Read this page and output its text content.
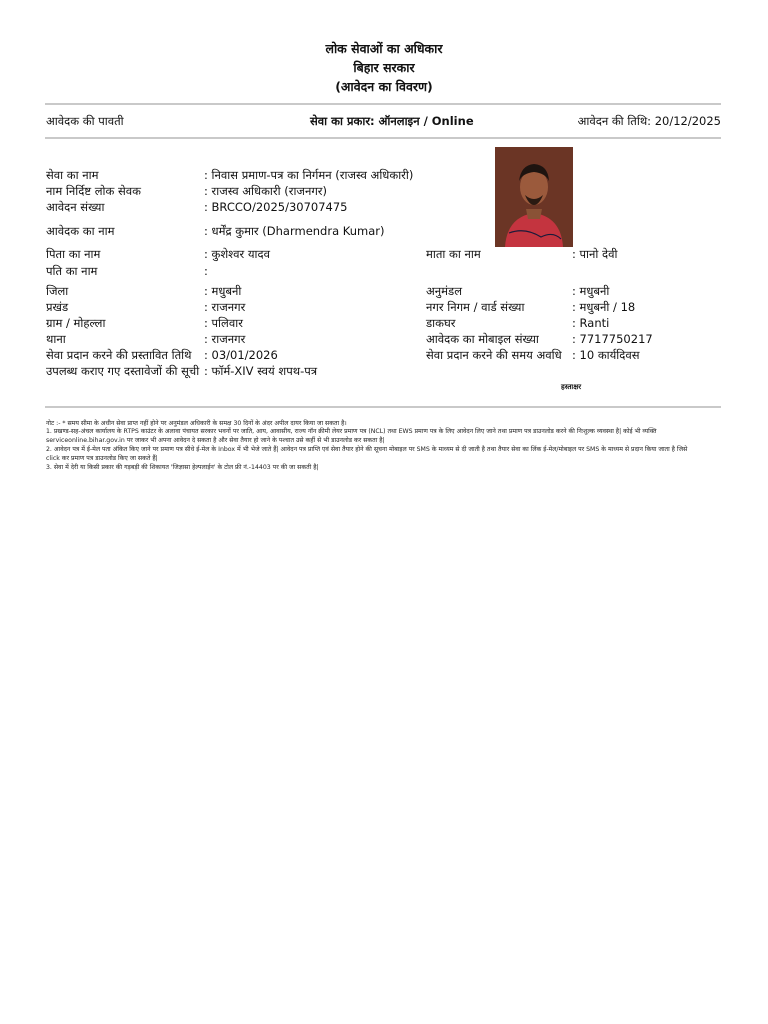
लोक सेवाओं का अधिकार
बिहार सरकार
(आवेदन का विवरण)
आवेदक की पावती	सेवा का प्रकार: ऑनलाइन / Online	आवेदन की तिथि: 20/12/2025
सेवा का नाम	: निवास प्रमाण-पत्र का निर्गमन (राजस्व अधिकारी)
नाम निर्दिष्ट लोक सेवक	: राजस्व अधिकारी (राजनगर)
आवेदन संख्या	: BRCCO/2025/30707475
आवेदक का नाम	: धर्मेंद्र कुमार (Dharmendra Kumar)
पिता का नाम	: कुशेश्वर यादव	माता का नाम	: पानो देवी
पति का नाम	:
जिला	: मधुबनी	अनुमंडल	: मधुबनी
प्रखंड	: राजनगर	नगर निगम / वार्ड संख्या	: मधुबनी / 18
ग्राम / मोहल्ला	: पलिवार	डाकघर	: Ranti
थाना	: राजनगर	आवेदक का मोबाइल संख्या	: 7717750217
सेवा प्रदान करने की प्रस्तावित तिथि : 03/01/2026	सेवा प्रदान करने की समय अवधि : 10 कार्यदिवस
उपलब्ध कराए गए दस्तावेजों की सूची : फॉर्म-XIV स्वयं शपथ-पत्र
हस्ताक्षर
नोट :- * समय सीमा के अधीन सेवा प्राप्त नहीं होने पर अनुमंडल अधिकारी के समक्ष 30 दिनों के अंदर अपील दायर किया जा सकता है।
1. प्रखण्ड-सह-अंचल कार्यालय के RTPS काउंटर के अलावा पंचायत सरकार भवनों पर जाति, आय, आवासीय, राज्य नॉन क्रीमी लेयर प्रमाण पत्र (NCL) तथा EWS प्रमाण पत्र के लिए आवेदन लिए जाने तथा प्रमाण पत्र डाउनलोड करने की निःशुल्क व्यवस्था है| कोई भी व्यक्ति
serviceonline.bihar.gov.in पर जाकर भी अपना आवेदन दे सकता है और सेवा तैयार हो जाने के पश्चात उसे कहीं से भी डाउनलोड कर सकता है|
2. आवेदन पत्र में ई-मेल पता अंकित किए जाने पर प्रमाण पत्र सीधे ई-मेल के Inbox में भी भेजे जाते हैं| आवेदन पत्र प्राप्ति एवं सेवा तैयार होने की सूचना मोबाइल पर SMS के माध्यम से दी जाती है तथा तैयार सेवा का लिंक ई-मेल/मोबाइल पर SMS के माध्यम से प्रदान किया जाता है जिसे
click कर प्रमाण पत्र डाउनलोड किए जा सकते हैं|
3. सेवा में देरी या किसी प्रकार की गड़बड़ी की शिकायत 'जिज्ञासा हेल्पलाईन' के टोल फ्री नं.-14403 पर की जा सकती है|
